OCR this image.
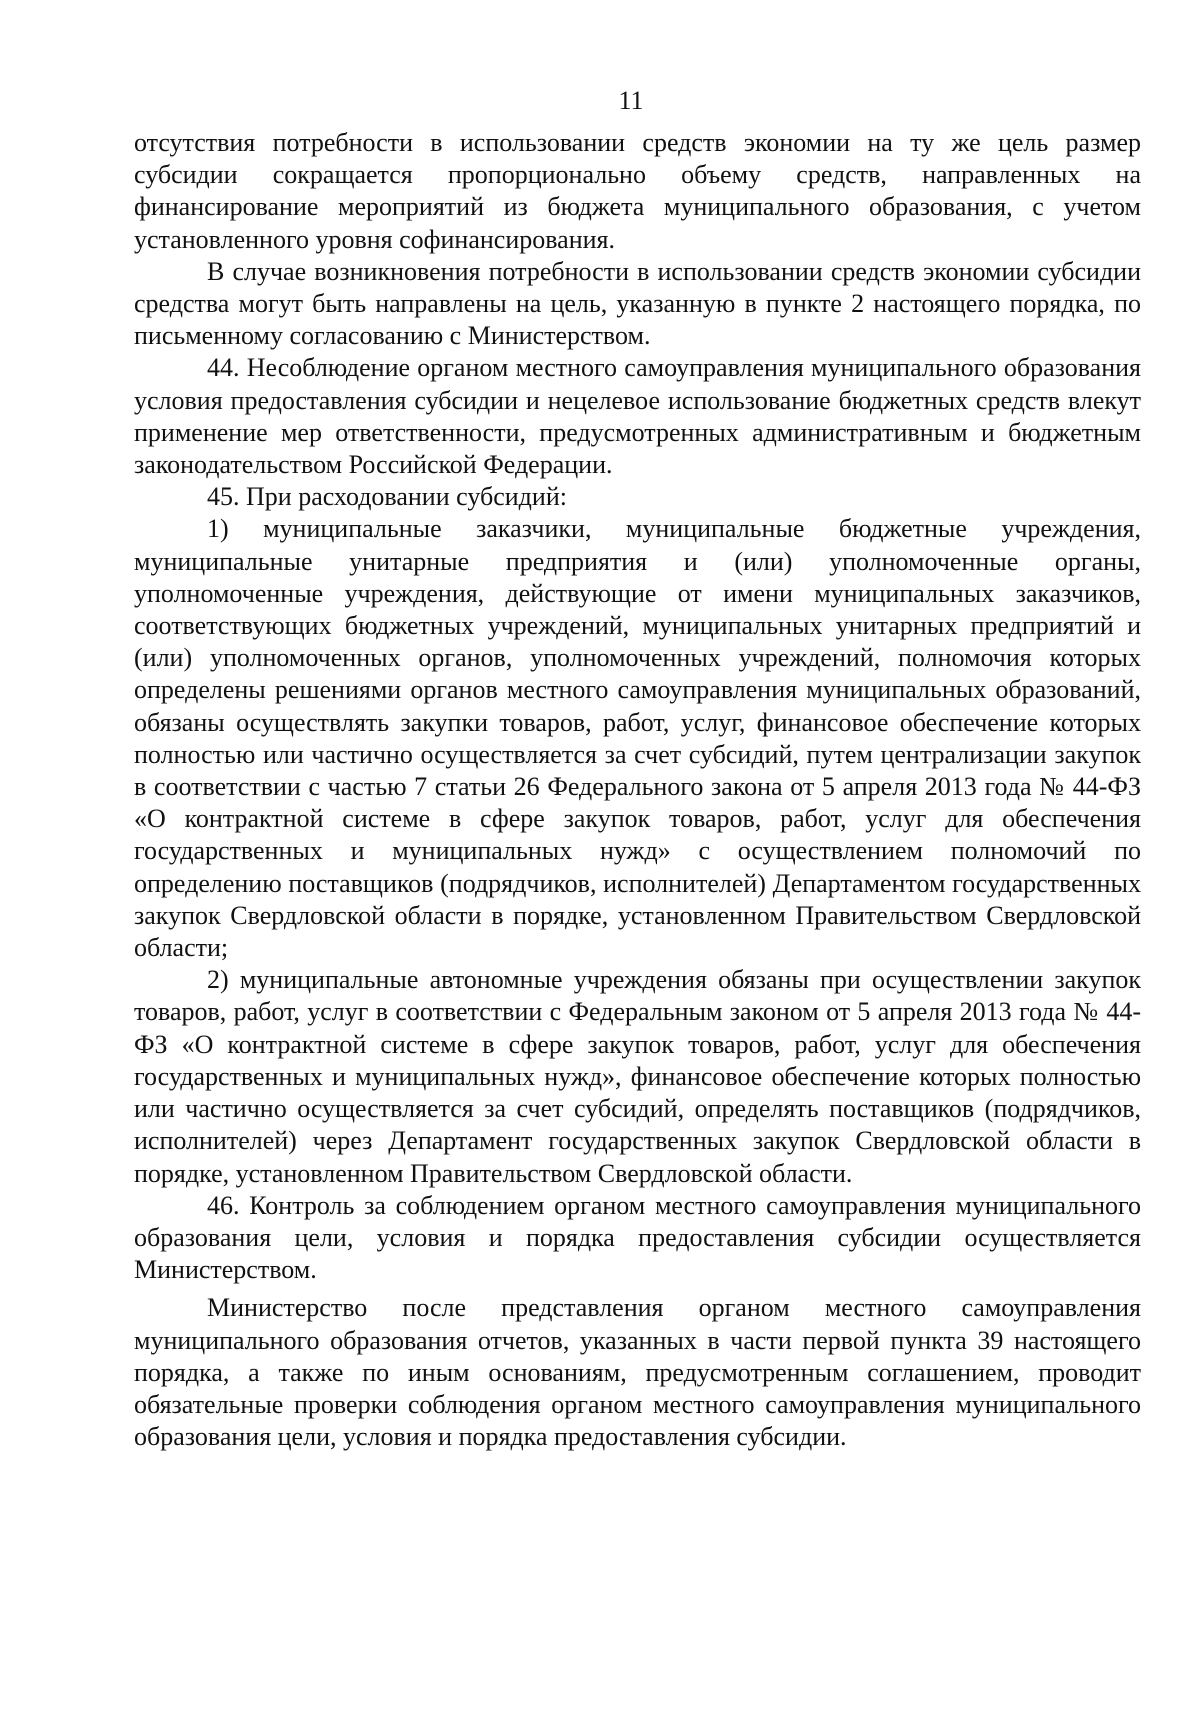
11

отсутствия потребности в использовании средств экономии на ту же цель размер субсидии сокращается пропорционально объему средств, направленных на финансирование мероприятий из бюджета муниципального образования, с учетом установленного уровня софинансирования.

В случае возникновения потребности в использовании средств экономии субсидии средства могут быть направлены на цель, указанную в пункте 2 настоящего порядка, по письменному согласованию с Министерством.

44. Несоблюдение органом местного самоуправления муниципального образования условия предоставления субсидии и нецелевое использование бюджетных средств влекут применение мер ответственности, предусмотренных административным и бюджетным законодательством Российской Федерации.

45. При расходовании субсидий:

1) муниципальные заказчики, муниципальные бюджетные учреждения, муниципальные унитарные предприятия и (или) уполномоченные органы, уполномоченные учреждения, действующие от имени муниципальных заказчиков, соответствующих бюджетных учреждений, муниципальных унитарных предприятий и (или) уполномоченных органов, уполномоченных учреждений, полномочия которых определены решениями органов местного самоуправления муниципальных образований, обязаны осуществлять закупки товаров, работ, услуг, финансовое обеспечение которых полностью или частично осуществляется за счет субсидий, путем централизации закупок в соответствии с частью 7 статьи 26 Федерального закона от 5 апреля 2013 года № 44-ФЗ «О контрактной системе в сфере закупок товаров, работ, услуг для обеспечения государственных и муниципальных нужд» с осуществлением полномочий по определению поставщиков (подрядчиков, исполнителей) Департаментом государственных закупок Свердловской области в порядке, установленном Правительством Свердловской области;

2) муниципальные автономные учреждения обязаны при осуществлении закупок товаров, работ, услуг в соответствии с Федеральным законом от 5 апреля 2013 года № 44-ФЗ «О контрактной системе в сфере закупок товаров, работ, услуг для обеспечения государственных и муниципальных нужд», финансовое обеспечение которых полностью или частично осуществляется за счет субсидий, определять поставщиков (подрядчиков, исполнителей) через Департамент государственных закупок Свердловской области в порядке, установленном Правительством Свердловской области.

46. Контроль за соблюдением органом местного самоуправления муниципального образования цели, условия и порядка предоставления субсидии осуществляется Министерством.

Министерство после представления органом местного самоуправления муниципального образования отчетов, указанных в части первой пункта 39 настоящего порядка, а также по иным основаниям, предусмотренным соглашением, проводит обязательные проверки соблюдения органом местного самоуправления муниципального образования цели, условия и порядка предоставления субсидии.
